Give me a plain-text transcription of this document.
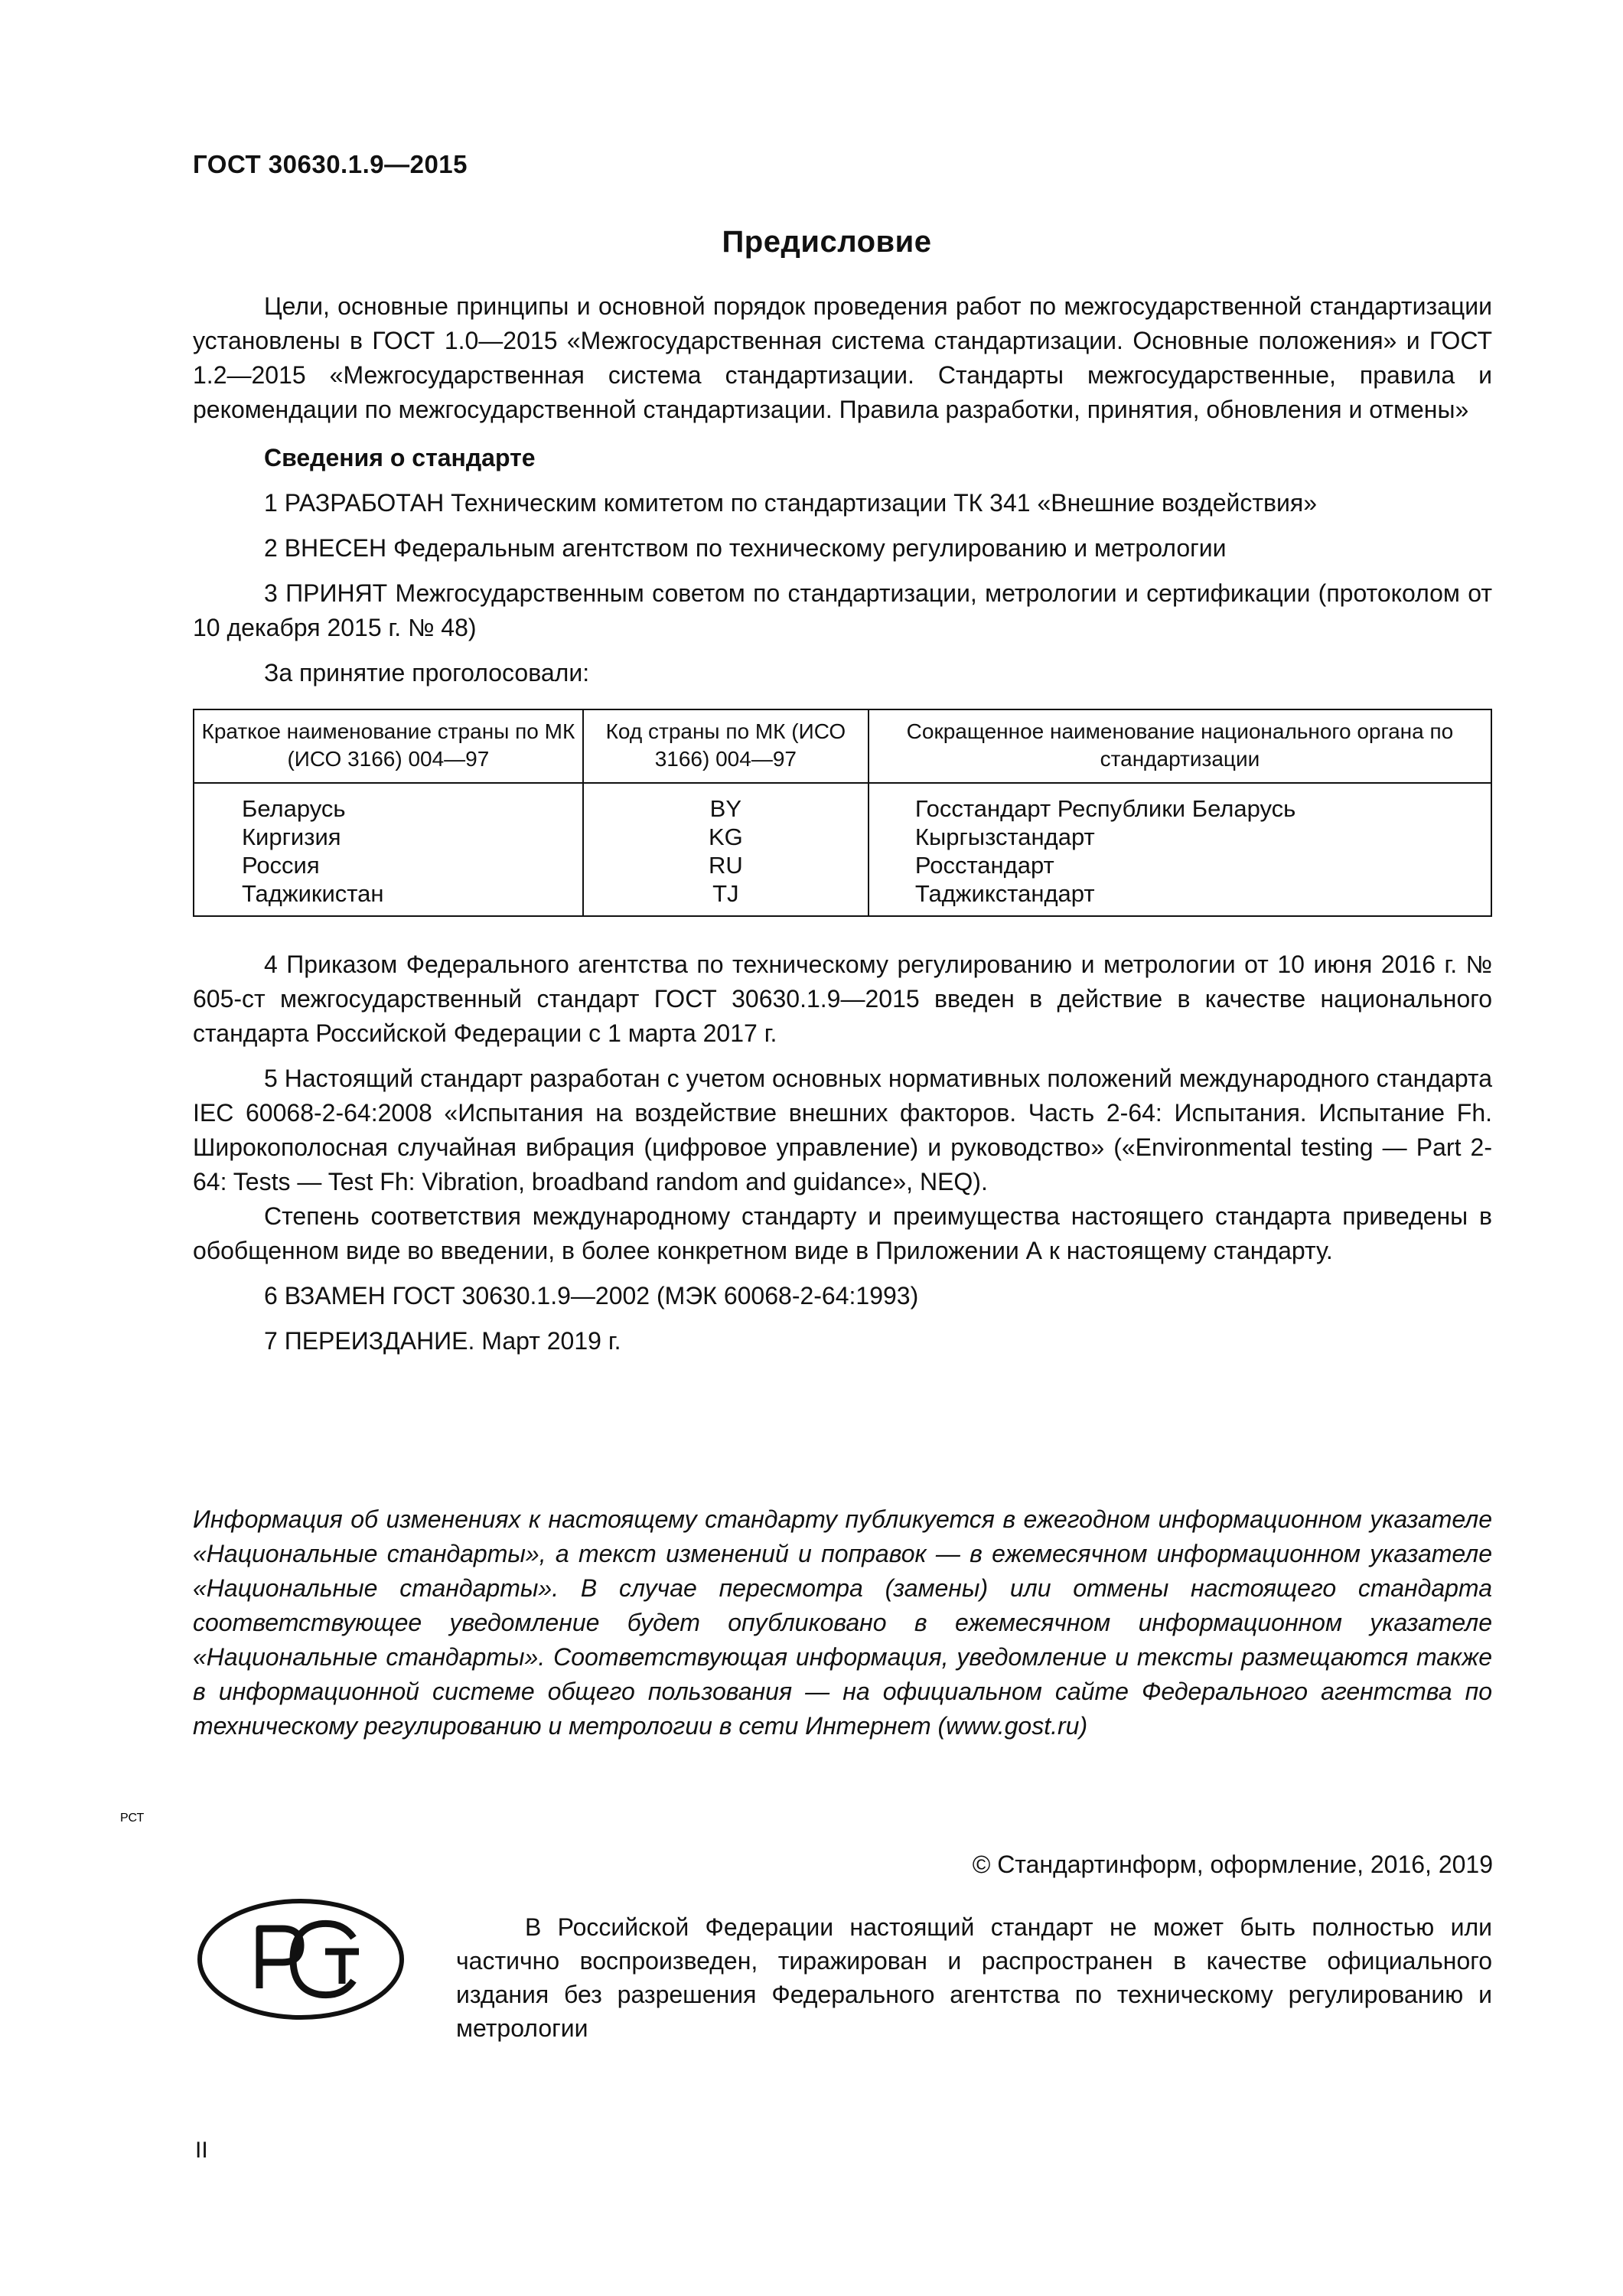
ГОСТ 30630.1.9—2015
Предисловие

Цели, основные принципы и основной порядок проведения работ по межгосударственной стандартизации установлены в ГОСТ 1.0—2015 «Межгосударственная система стандартизации. Основные положения» и ГОСТ 1.2—2015 «Межгосударственная система стандартизации. Стандарты межгосударственные, правила и рекомендации по межгосударственной стандартизации. Правила разработки, принятия, обновления и отмены»

Сведения о стандарте

1 РАЗРАБОТАН Техническим комитетом по стандартизации ТК 341 «Внешние воздействия»

2 ВНЕСЕН Федеральным агентством по техническому регулированию и метрологии

3 ПРИНЯТ Межгосударственным советом по стандартизации, метрологии и сертификации (протоколом от 10 декабря 2015 г. № 48)

За принятие проголосовали:
Краткое наименование страны по МК (ИСО 3166) 004—97	Код страны по МК (ИСО 3166) 004—97	Сокращенное наименование национального органа по стандартизации

Беларусь	BY	Госстандарт Республики Беларусь
Киргизия	KG	Кыргызстандарт
Россия	RU	Росстандарт
Таджикистан	TJ	Таджикстандарт

4 Приказом Федерального агентства по техническому регулированию и метрологии от 10 июня 2016 г. № 605-ст межгосударственный стандарт ГОСТ 30630.1.9—2015 введен в действие в качестве национального стандарта Российской Федерации с 1 марта 2017 г.

5 Настоящий стандарт разработан с учетом основных нормативных положений международного стандарта IEC 60068-2-64:2008 «Испытания на воздействие внешних факторов. Часть 2-64: Испытания. Испытание Fh. Широкополосная случайная вибрация (цифровое управление) и руководство» («Environmental testing — Part 2-64: Tests — Test Fh: Vibration, broadband random and guidance», NEQ).

Степень соответствия международному стандарту и преимущества настоящего стандарта приведены в обобщенном виде во введении, в более конкретном виде в Приложении А к настоящему стандарту.

6 ВЗАМЕН ГОСТ 30630.1.9—2002 (МЭК 60068-2-64:1993)

7 ПЕРЕИЗДАНИЕ. Март 2019 г.

Информация об изменениях к настоящему стандарту публикуется в ежегодном информационном указателе «Национальные стандарты», а текст изменений и поправок — в ежемесячном информационном указателе «Национальные стандарты». В случае пересмотра (замены) или отмены настоящего стандарта соответствующее уведомление будет опубликовано в ежемесячном информационном указателе «Национальные стандарты». Соответствующая информация, уведомление и тексты размещаются также в информационной системе общего пользования — на официальном сайте Федерального агентства по техническому регулированию и метрологии в сети Интернет (www.gost.ru)

© Стандартинформ, оформление, 2016, 2019
РСТ

В Российской Федерации настоящий стандарт не может быть полностью или частично воспроизведен, тиражирован и распространен в качестве официального издания без разрешения Федерального агентства по техническому регулированию и метрологии

II
